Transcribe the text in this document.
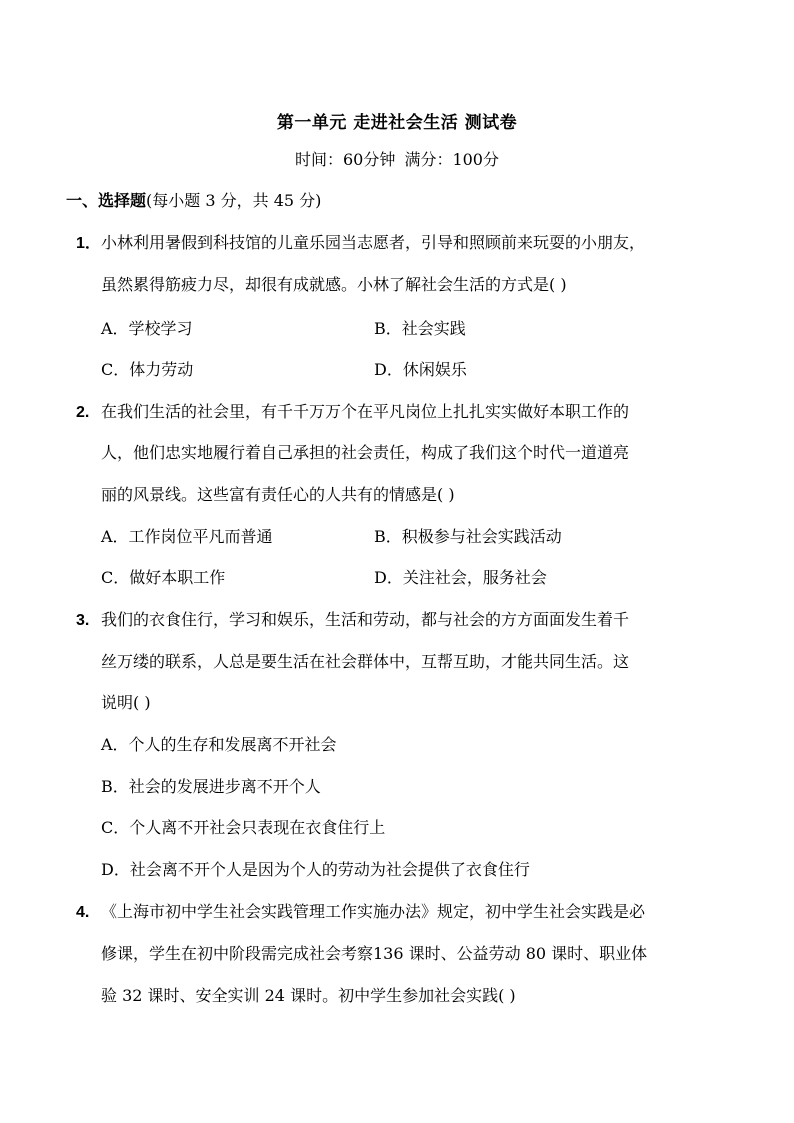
第一单元 走进社会生活 测试卷
时间：60分钟 满分：100分
一、选择题(每小题 3 分，共 45 分)
1．小林利用暑假到科技馆的儿童乐园当志愿者，引导和照顾前来玩耍的小朋友，
虽然累得筋疲力尽，却很有成就感。小林了解社会生活的方式是( )
A．学校学习	B．社会实践
C．体力劳动	D．休闲娱乐
2. 在我们生活的社会里，有千千万万个在平凡岗位上扎扎实实做好本职工作的
人，他们忠实地履行着自己承担的社会责任，构成了我们这个时代一道道亮
丽的风景线。这些富有责任心的人共有的情感是( )
A．工作岗位平凡而普通	B．积极参与社会实践活动
C．做好本职工作	D．关注社会，服务社会
3. 我们的衣食住行，学习和娱乐，生活和劳动，都与社会的方方面面发生着千
丝万缕的联系，人总是要生活在社会群体中，互帮互助，才能共同生活。这
说明( )
A．个人的生存和发展离不开社会
B．社会的发展进步离不开个人
C．个人离不开社会只表现在衣食住行上
D．社会离不开个人是因为个人的劳动为社会提供了衣食住行
4. 《上海市初中学生社会实践管理工作实施办法》规定，初中学生社会实践是必
修课，学生在初中阶段需完成社会考察136 课时、公益劳动 80 课时、职业体
验 32 课时、安全实训 24 课时。初中学生参加社会实践( )
